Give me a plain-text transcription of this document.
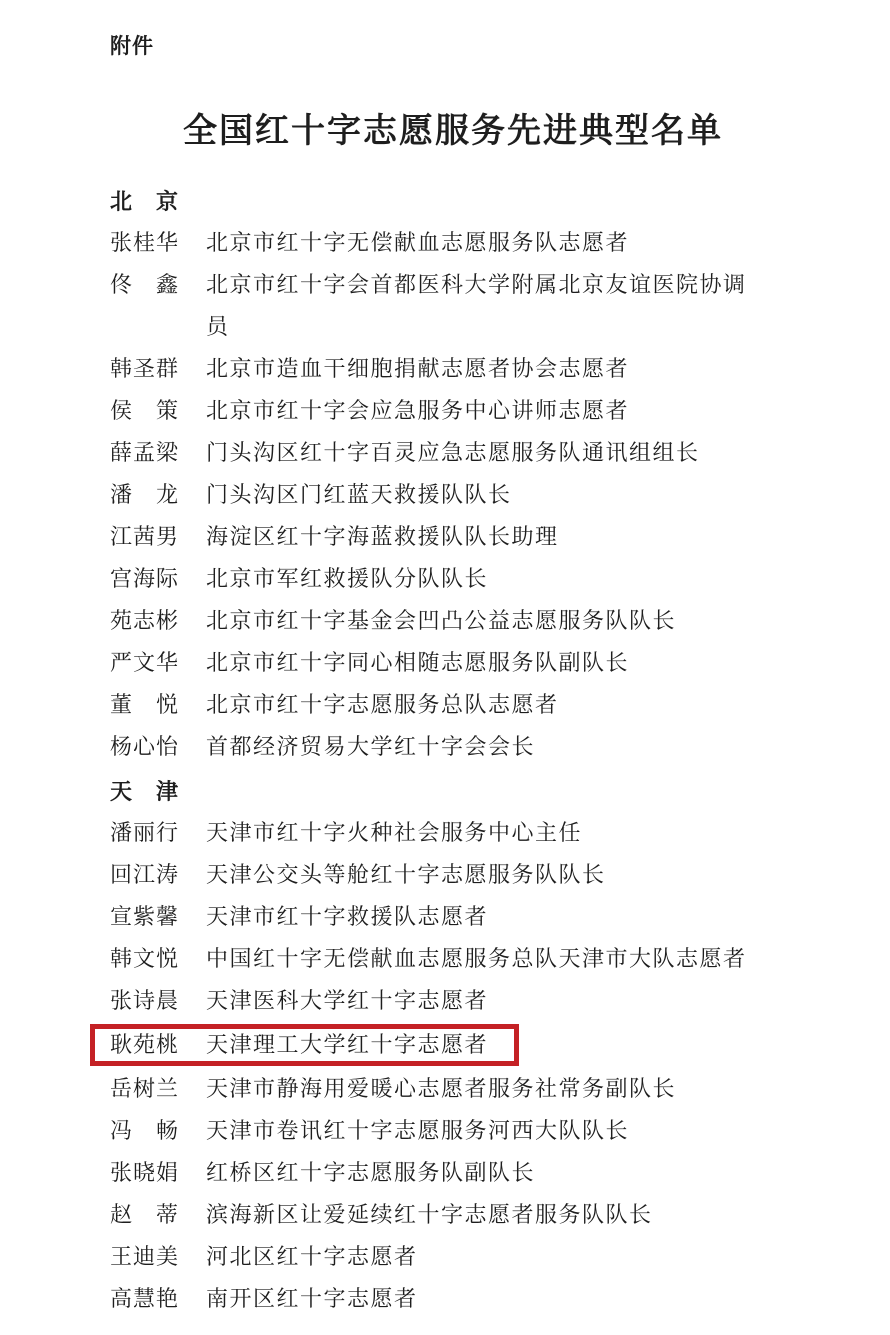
附件
全国红十字志愿服务先进典型名单
北　京
张桂华	北京市红十字无偿献血志愿服务队志愿者
佟　鑫	北京市红十字会首都医科大学附属北京友谊医院协调员
韩圣群	北京市造血干细胞捐献志愿者协会志愿者
侯　策	北京市红十字会应急服务中心讲师志愿者
薛孟梁	门头沟区红十字百灵应急志愿服务队通讯组组长
潘　龙	门头沟区门红蓝天救援队队长
江茜男	海淀区红十字海蓝救援队队长助理
宫海际	北京市军红救援队分队队长
苑志彬	北京市红十字基金会凹凸公益志愿服务队队长
严文华	北京市红十字同心相随志愿服务队副队长
董　悦	北京市红十字志愿服务总队志愿者
杨心怡	首都经济贸易大学红十字会会长
天　津
潘丽行	天津市红十字火种社会服务中心主任
回江涛	天津公交头等舱红十字志愿服务队队长
宣紫馨	天津市红十字救援队志愿者
韩文悦	中国红十字无偿献血志愿服务总队天津市大队志愿者
张诗晨	天津医科大学红十字志愿者
耿苑桃	天津理工大学红十字志愿者
岳树兰	天津市静海用爱暖心志愿者服务社常务副队长
冯　畅	天津市卷讯红十字志愿服务河西大队队长
张晓娟	红桥区红十字志愿服务队副队长
赵　蒂	滨海新区让爱延续红十字志愿者服务队队长
王迪美	河北区红十字志愿者
高慧艳	南开区红十字志愿者
